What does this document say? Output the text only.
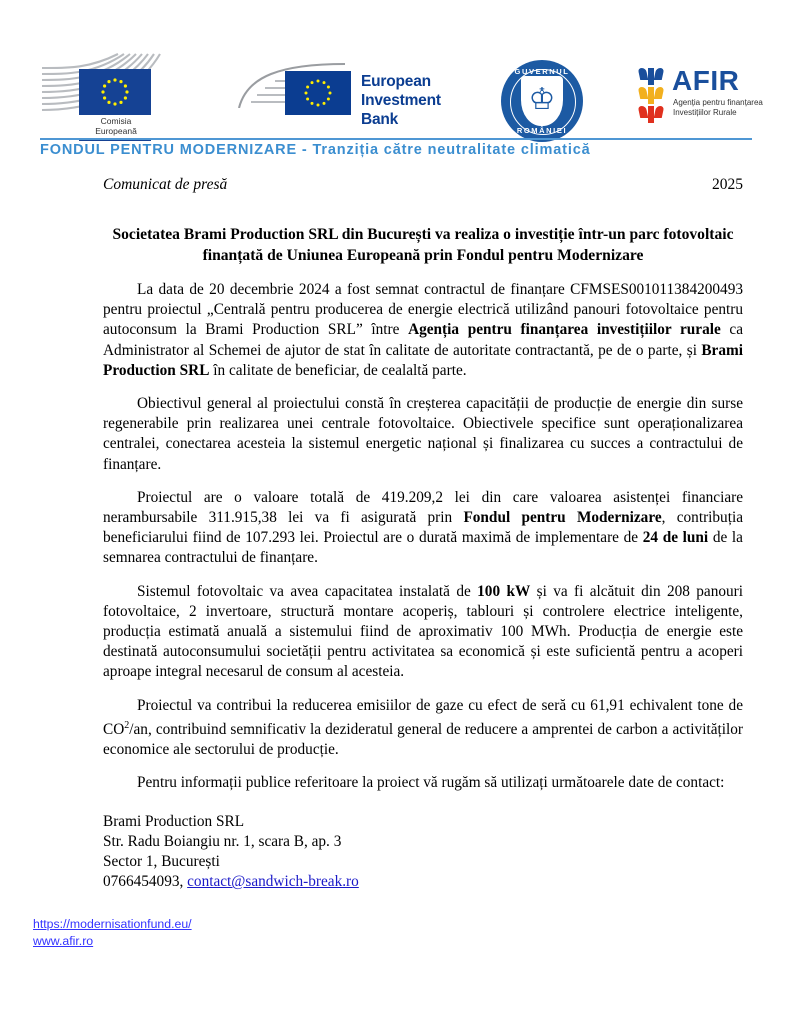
Comisia
Europeană
European
Investment Bank
♔
GUVERNUL
ROMÂNIEI
AFIR
Agenția pentru finanțarea
Investițiilor Rurale
FONDUL PENTRU MODERNIZARE - Tranziția către neutralitate climatică
Comunicat de presă	2025
Societatea Brami Production SRL din București va realiza o investiție într-un parc fotovoltaic finanțată de Uniunea Europeană prin Fondul pentru Modernizare

La data de 20 decembrie 2024 a fost semnat contractul de finanțare CFMSES001011384200493 pentru proiectul „Centrală pentru producerea de energie electrică utilizând panouri fotovoltaice pentru autoconsum la Brami Production SRL” între Agenția pentru finanțarea investițiilor rurale ca Administrator al Schemei de ajutor de stat în calitate de autoritate contractantă, pe de o parte, și Brami Production SRL în calitate de beneficiar, de cealaltă parte.

Obiectivul general al proiectului constă în creșterea capacității de producție de energie din surse regenerabile prin realizarea unei centrale fotovoltaice. Obiectivele specifice sunt operaționalizarea centralei, conectarea acesteia la sistemul energetic național și finalizarea cu succes a contractului de finanțare.

Proiectul are o valoare totală de 419.209,2 lei din care valoarea asistenței financiare nerambursabile 311.915,38 lei va fi asigurată prin Fondul pentru Modernizare, contribuția beneficiarului fiind de 107.293 lei. Proiectul are o durată maximă de implementare de 24 de luni de la semnarea contractului de finanțare.

Sistemul fotovoltaic va avea capacitatea instalată de 100 kW și va fi alcătuit din 208 panouri fotovoltaice, 2 invertoare, structură montare acoperiș, tablouri și controlere electrice inteligente, producția estimată anuală a sistemului fiind de aproximativ 100 MWh. Producția de energie este destinată autoconsumului societății pentru activitatea sa economică și este suficientă pentru a acoperi aproape integral necesarul de consum al acesteia.

Proiectul va contribui la reducerea emisiilor de gaze cu efect de seră cu 61,91 echivalent tone de $CO^2/an$, contribuind semnificativ la dezideratul general de reducere a amprentei de carbon a activităților economice ale sectorului de producție.

Pentru informații publice referitoare la proiect vă rugăm să utilizați următoarele date de contact:

Brami Production SRL
Str. Radu Boiangiu nr. 1, scara B, ap. 3
Sector 1, București
0766454093, contact@sandwich-break.ro
https://modernisationfund.eu/
www.afir.ro
